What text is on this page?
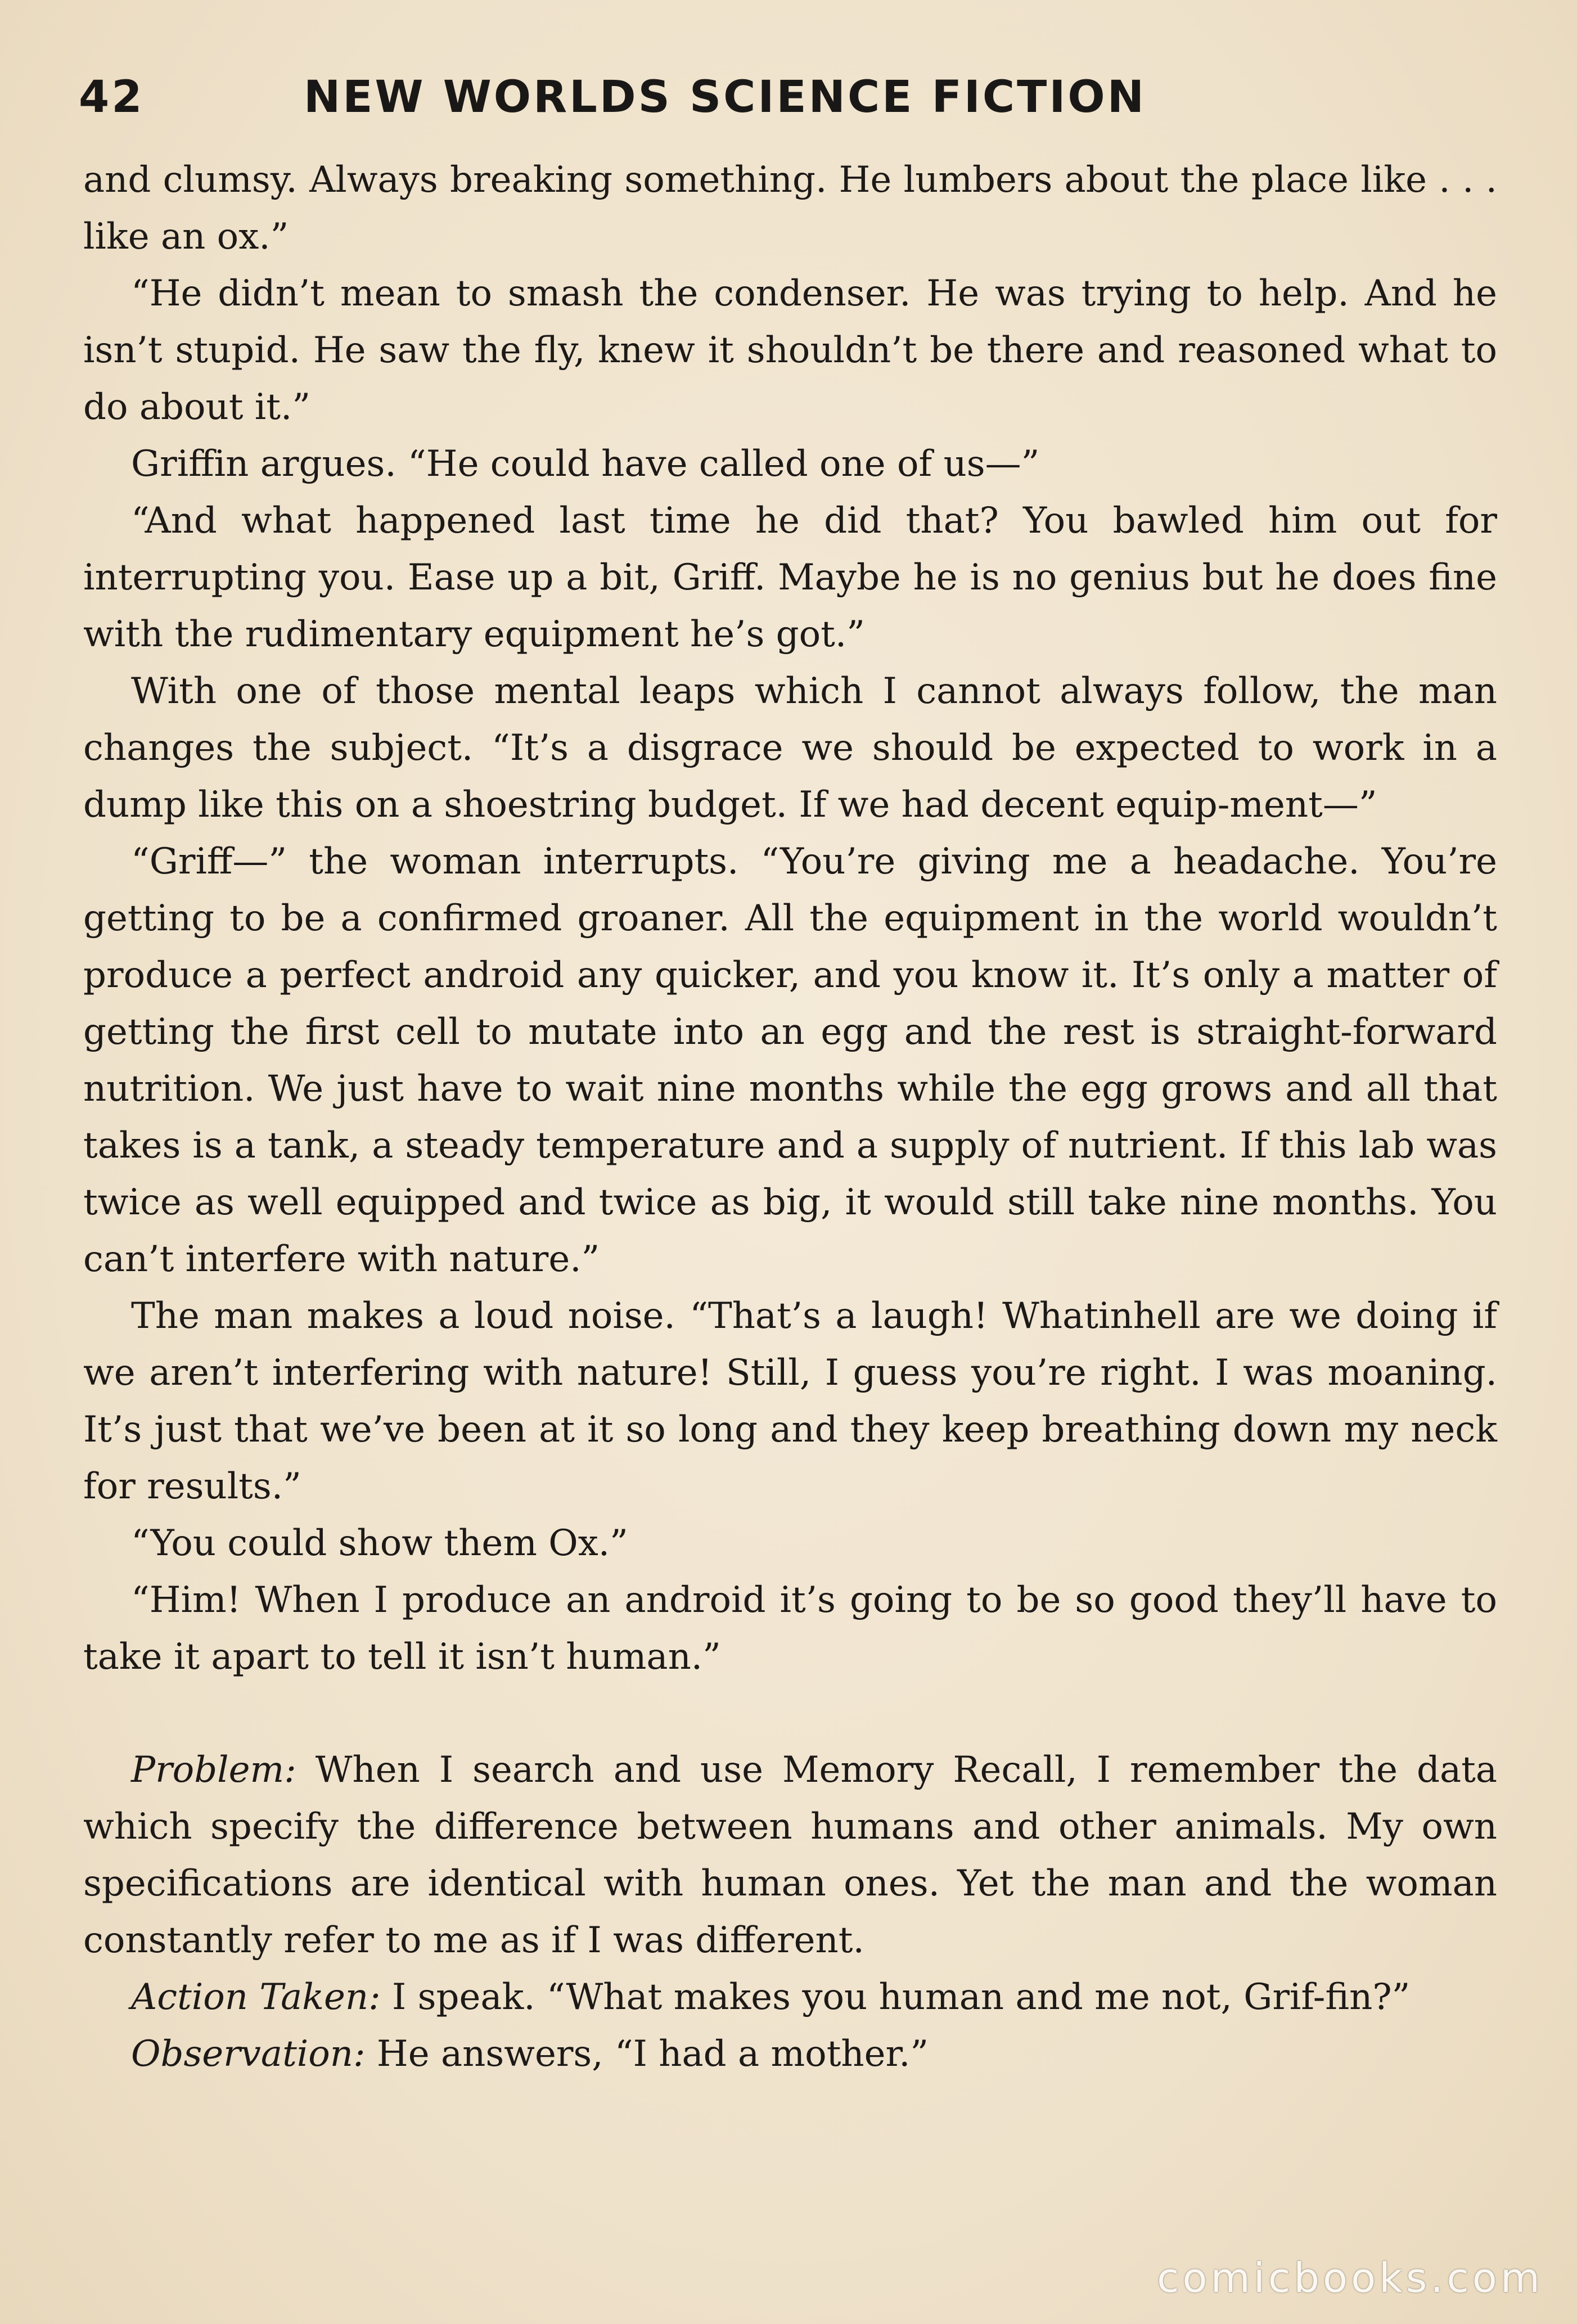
42	NEW WORLDS SCIENCE FICTION

and clumsy. Always breaking something. He lumbers about the place like . . . like an ox.”

“He didn’t mean to smash the condenser. He was trying to help. And he isn’t stupid. He saw the fly, knew it shouldn’t be there and reasoned what to do about it.”

Griffin argues. “He could have called one of us—”

“And what happened last time he did that? You bawled him out for interrupting you. Ease up a bit, Griff. Maybe he is no genius but he does fine with the rudimentary equipment he’s got.”

With one of those mental leaps which I cannot always follow, the man changes the subject. “It’s a disgrace we should be expected to work in a dump like this on a shoestring budget. If we had decent equip-ment—”

“Griff—” the woman interrupts. “You’re giving me a headache. You’re getting to be a confirmed groaner. All the equipment in the world wouldn’t produce a perfect android any quicker, and you know it. It’s only a matter of getting the first cell to mutate into an egg and the rest is straight-forward nutrition. We just have to wait nine months while the egg grows and all that takes is a tank, a steady temperature and a supply of nutrient. If this lab was twice as well equipped and twice as big, it would still take nine months. You can’t interfere with nature.”

The man makes a loud noise. “That’s a laugh! Whatinhell are we doing if we aren’t interfering with nature! Still, I guess you’re right. I was moaning. It’s just that we’ve been at it so long and they keep breathing down my neck for results.”

“You could show them Ox.”

“Him! When I produce an android it’s going to be so good they’ll have to take it apart to tell it isn’t human.”

Problem: When I search and use Memory Recall, I remember the data which specify the difference between humans and other animals. My own specifications are identical with human ones. Yet the man and the woman constantly refer to me as if I was different.

Action Taken: I speak. “What makes you human and me not, Grif-fin?”

Observation: He answers, “I had a mother.”

comicbooks.com
